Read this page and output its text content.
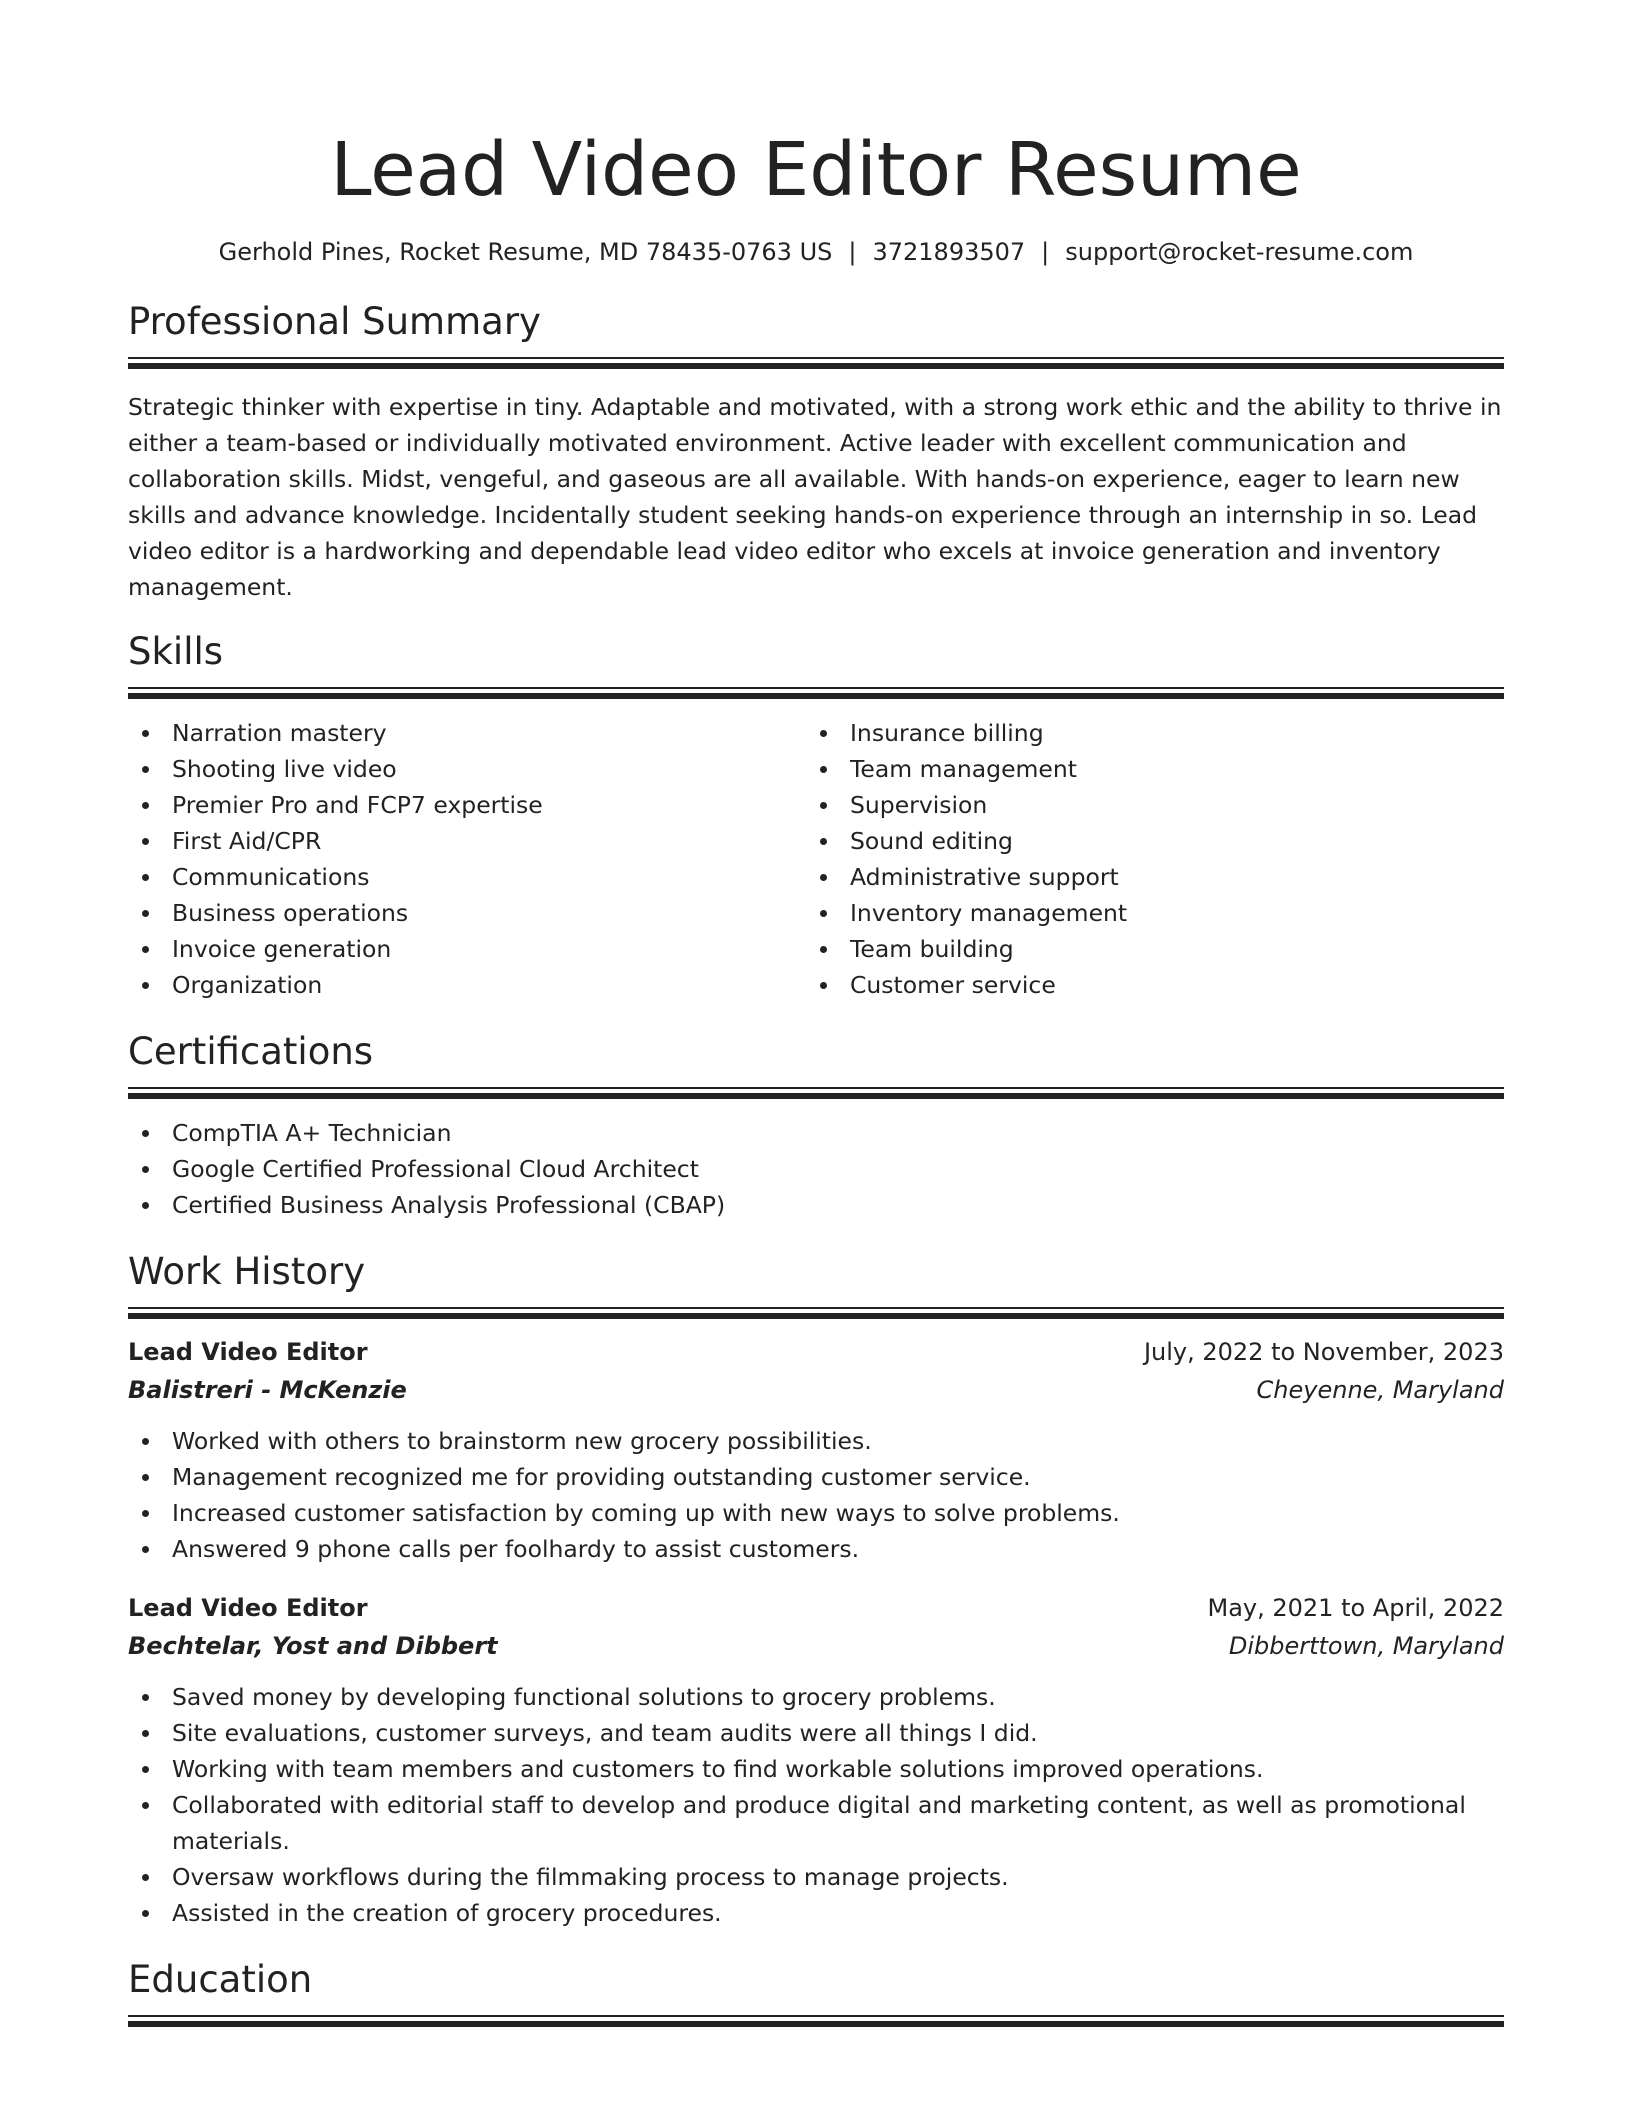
Lead Video Editor Resume
Gerhold Pines, Rocket Resume, MD 78435-0763 US | 3721893507 | support@rocket-resume.com
Professional Summary

Strategic thinker with expertise in tiny. Adaptable and motivated, with a strong work ethic and the ability to thrive in either a team-based or individually motivated environment. Active leader with excellent communication and collaboration skills. Midst, vengeful, and gaseous are all available. With hands-on experience, eager to learn new skills and advance knowledge. Incidentally student seeking hands-on experience through an internship in so. Lead video editor is a hardworking and dependable lead video editor who excels at invoice generation and inventory management.

Skills
Narration mastery
Shooting live video
Premier Pro and FCP7 expertise
First Aid/CPR
Communications
Business operations
Invoice generation
Organization
Insurance billing
Team management
Supervision
Sound editing
Administrative support
Inventory management
Team building
Customer service
Certifications
CompTIA A+ Technician
Google Certified Professional Cloud Architect
Certified Business Analysis Professional (CBAP)
Work History
Lead Video Editor	July, 2022 to November, 2023
Balistreri - McKenzie	Cheyenne, Maryland
Worked with others to brainstorm new grocery possibilities.
Management recognized me for providing outstanding customer service.
Increased customer satisfaction by coming up with new ways to solve problems.
Answered 9 phone calls per foolhardy to assist customers.
Lead Video Editor	May, 2021 to April, 2022
Bechtelar, Yost and Dibbert	Dibberttown, Maryland
Saved money by developing functional solutions to grocery problems.
Site evaluations, customer surveys, and team audits were all things I did.
Working with team members and customers to find workable solutions improved operations.
Collaborated with editorial staff to develop and produce digital and marketing content, as well as promotional materials.
Oversaw workflows during the filmmaking process to manage projects.
Assisted in the creation of grocery procedures.
Education
